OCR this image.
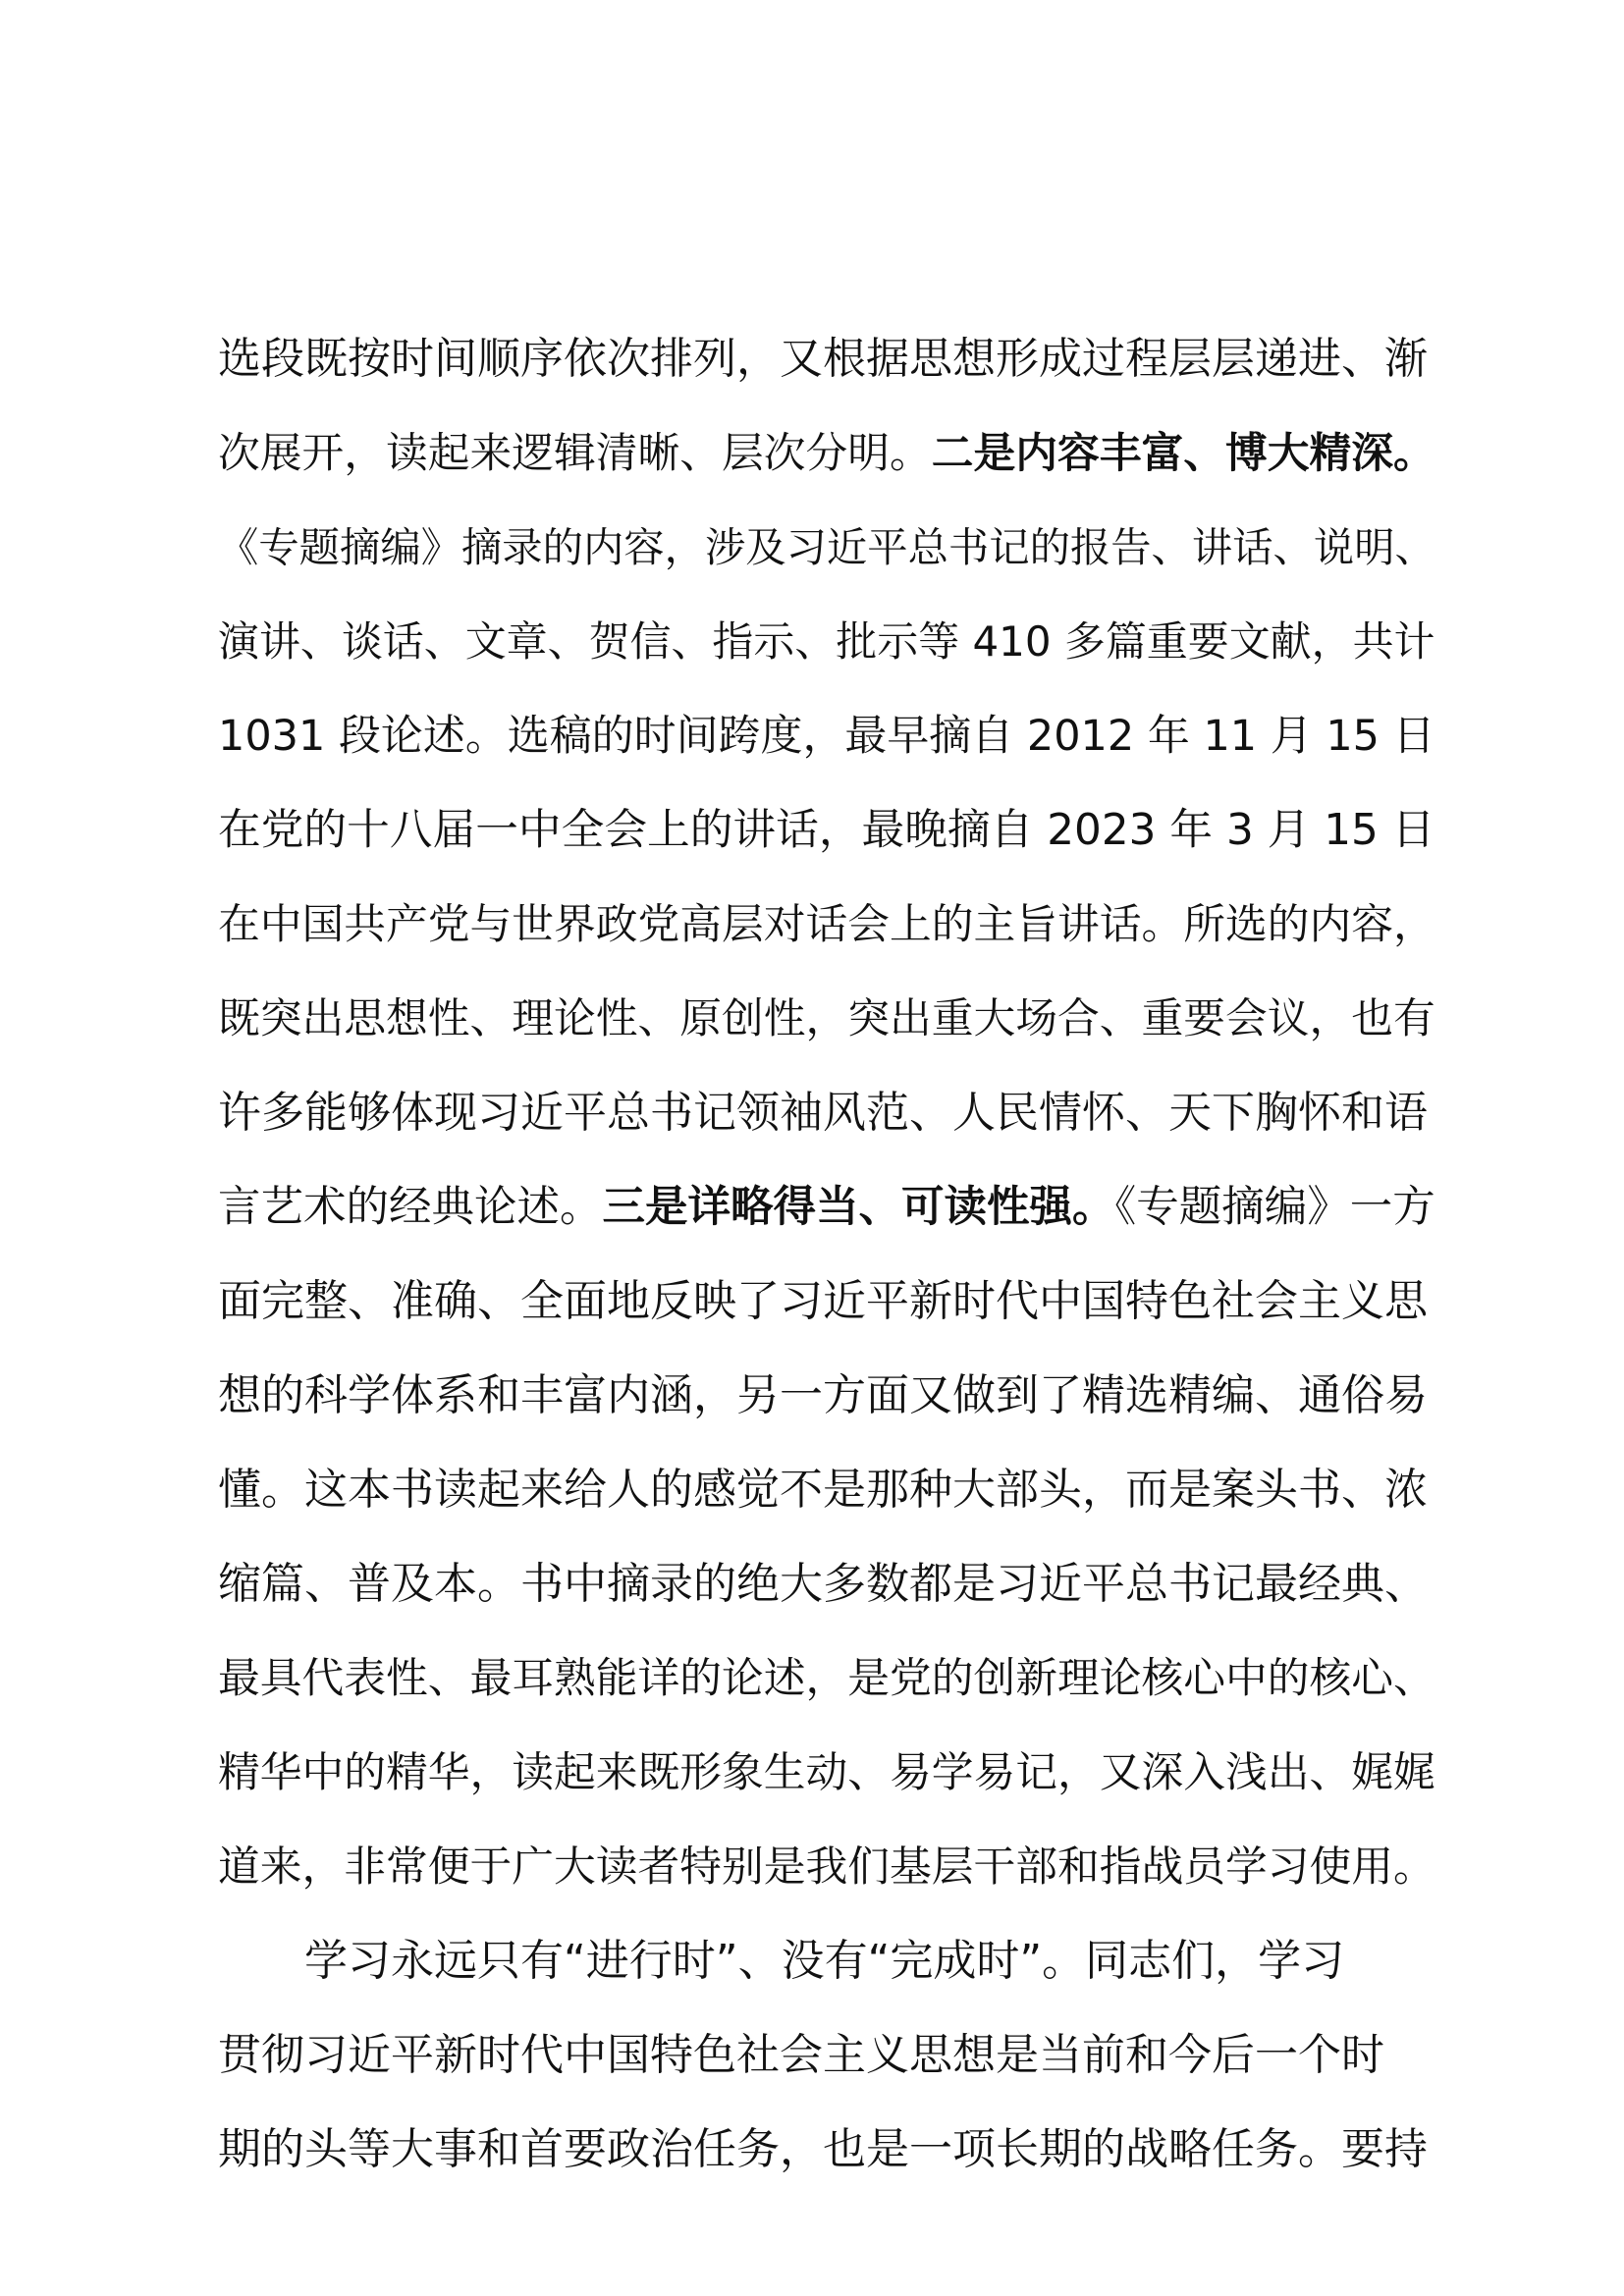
选段既按时间顺序依次排列，又根据思想形成过程层层递进、渐
次展开，读起来逻辑清晰、层次分明。二是内容丰富、博大精深。
《专题摘编》摘录的内容，涉及习近平总书记的报告、讲话、说明、
演讲、谈话、文章、贺信、指示、批示等 410 多篇重要文献，共计
1031 段论述。选稿的时间跨度，最早摘自 2012 年 11 月 15 日
在党的十八届一中全会上的讲话，最晚摘自 2023 年 3 月 15 日
在中国共产党与世界政党高层对话会上的主旨讲话。所选的内容，
既突出思想性、理论性、原创性，突出重大场合、重要会议，也有
许多能够体现习近平总书记领袖风范、人民情怀、天下胸怀和语
言艺术的经典论述。三是详略得当、可读性强。《专题摘编》一方
面完整、准确、全面地反映了习近平新时代中国特色社会主义思
想的科学体系和丰富内涵，另一方面又做到了精选精编、通俗易
懂。这本书读起来给人的感觉不是那种大部头，而是案头书、浓
缩篇、普及本。书中摘录的绝大多数都是习近平总书记最经典、
最具代表性、最耳熟能详的论述，是党的创新理论核心中的核心、
精华中的精华，读起来既形象生动、易学易记，又深入浅出、娓娓
道来，非常便于广大读者特别是我们基层干部和指战员学习使用。
学习永远只有“进行时”、没有“完成时”。同志们，学习
贯彻习近平新时代中国特色社会主义思想是当前和今后一个时
期的头等大事和首要政治任务，也是一项长期的战略任务。要持
